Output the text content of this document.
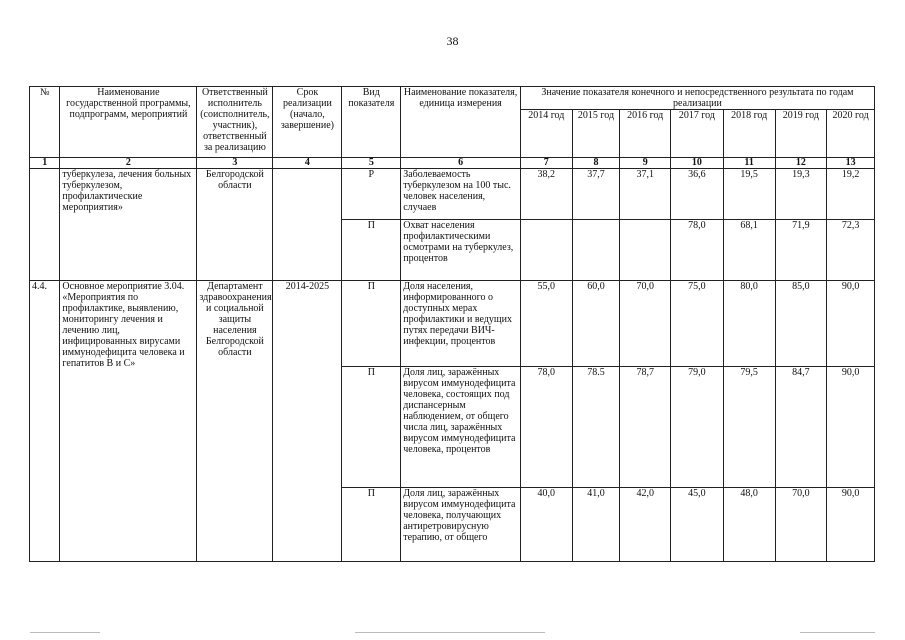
38
№	Наименование государственной программы, подпрограмм, мероприятий	Ответственный исполнитель (соисполнитель, участник), ответственный за реализацию	Срок реализации (начало, завершение)	Вид показателя	Наименование показателя, единица измерения	Значение показателя конечного и непосредственного результата по годам реализации						
						2014 год	2015 год	2016 год	2017 год	2018 год	2019 год	2020 год
1	2	3	4	5	6	7	8	9	10	11	12	13
	туберкулеза, лечения больных туберкулезом, профилактические мероприятия»	Белгородской области		Р	Заболеваемость туберкулезом на 100 тыс. человек населения, случаев	38,2	37,7	37,1	36,6	19,5	19,3	19,2
				П	Охват населения профилактическими осмотрами на туберкулез, процентов				78,0	68,1	71,9	72,3
4.4.	Основное мероприятие 3.04. «Мероприятия по профилактике, выявлению, мониторингу лечения и лечению лиц, инфицированных вирусами иммунодефицита человека и гепатитов В и С»	Департамент здравоохранения и социальной защиты населения Белгородской области	2014-2025	П	Доля населения, информированного о доступных мерах профилактики и ведущих путях передачи ВИЧ-инфекции, процентов	55,0	60,0	70,0	75,0	80,0	85,0	90,0
				П	Доля лиц, заражённых вирусом иммунодефицита человека, состоящих под диспансерным наблюдением, от общего числа лиц, заражённых вирусом иммунодефицита человека, процентов	78,0	78.5	78,7	79,0	79,5	84,7	90,0
				П	Доля лиц, заражённых вирусом иммунодефицита человека, получающих антиретровирусную терапию, от общего	40,0	41,0	42,0	45,0	48,0	70,0	90,0
